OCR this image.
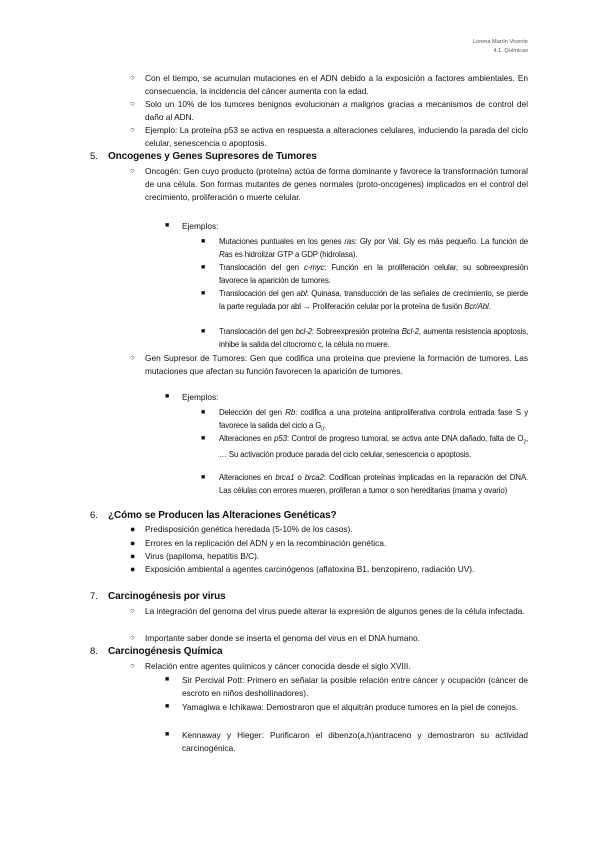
Lorena Martín Vicente
4.1. Químicas
○ Con el tiempo, se acumulan mutaciones en el ADN debido a la exposición a factores ambientales. En consecuencia, la incidencia del cáncer aumenta con la edad.
○ Solo un 10% de los tumores benignos evolucionan a malignos gracias a mecanismos de control del daño al ADN.
○ Ejemplo: La proteína p53 se activa en respuesta a alteraciones celulares, induciendo la parada del ciclo celular, senescencia o apoptosis.
5. Oncogenes y Genes Supresores de Tumores
○ Oncogén: Gen cuyo producto (proteína) actúa de forma dominante y favorece la transformación tumoral de una célula. Son formas mutantes de genes normales (proto-oncogenes) implicados en el control del crecimiento, proliferación o muerte celular.
■ Ejemplos:
■ Mutaciones puntuales en los genes ras: Gly por Val. Gly es más pequeño. La función de Ras es hidrolizar GTP a GDP (hidrolasa).
■ Translocación del gen c-myc: Función en la proliferación celular, su sobreexpresión favorece la aparición de tumores.
■ Translocación del gen abl: Quinasa, transducción de las señales de crecimiento, se pierde la parte regulada por abl → Proliferación celular por la proteína de fusión Bcr/Abl.
■ Translocación del gen bcl-2: Sobreexpresión proteína Bcl-2, aumenta resistencia apoptosis, inhibe la salida del citocromo c, la célula no muere.
○ Gen Supresor de Tumores: Gen que codifica una proteína que previene la formación de tumores. Las mutaciones que afectan su función favorecen la aparición de tumores.
■ Ejemplos:
■ Delección del gen Rb: codifica a una proteína antiproliferativa controla entrada fase S y favorece la salida del ciclo a $G_0$.
■ Alteraciones en p53: Control de progreso tumoral, se activa ante DNA dañado, falta de $O_2$, … Su activación produce parada del ciclo celular, senescencia o apoptosis.
■ Alteraciones en brca1 o brca2: Codifican proteínas implicadas en la reparación del DNA. Las células con errores mueren, proliferan a tumor o son hereditarias (mama y ovario)
6. ¿Cómo se Producen las Alteraciones Genéticas?
● Predisposición genética heredada (5-10% de los casos).
● Errores en la replicación del ADN y en la recombinación genética.
● Virus (papiloma, hepatitis B/C).
● Exposición ambiental a agentes carcinógenos (aflatoxina B1, benzopireno, radiación UV).
7. Carcinogénesis por virus
○ La integración del genoma del virus puede alterar la expresión de algunos genes de la célula infectada.
○ Importante saber donde se inserta el genoma del virus en el DNA humano.
8. Carcinogénesis Química
○ Relación entre agentes químicos y cáncer conocida desde el siglo XVIII.
■ Sir Percival Pott: Primero en señalar la posible relación entre cáncer y ocupación (cáncer de escroto en niños deshollinadores).
■ Yamagiwa e Ichikawa: Demostraron que el alquitrán produce tumores en la piel de conejos.
■ Kennaway y Hieger: Purificaron el dibenzo(a,h)antraceno y demostraron su actividad carcinogénica.
